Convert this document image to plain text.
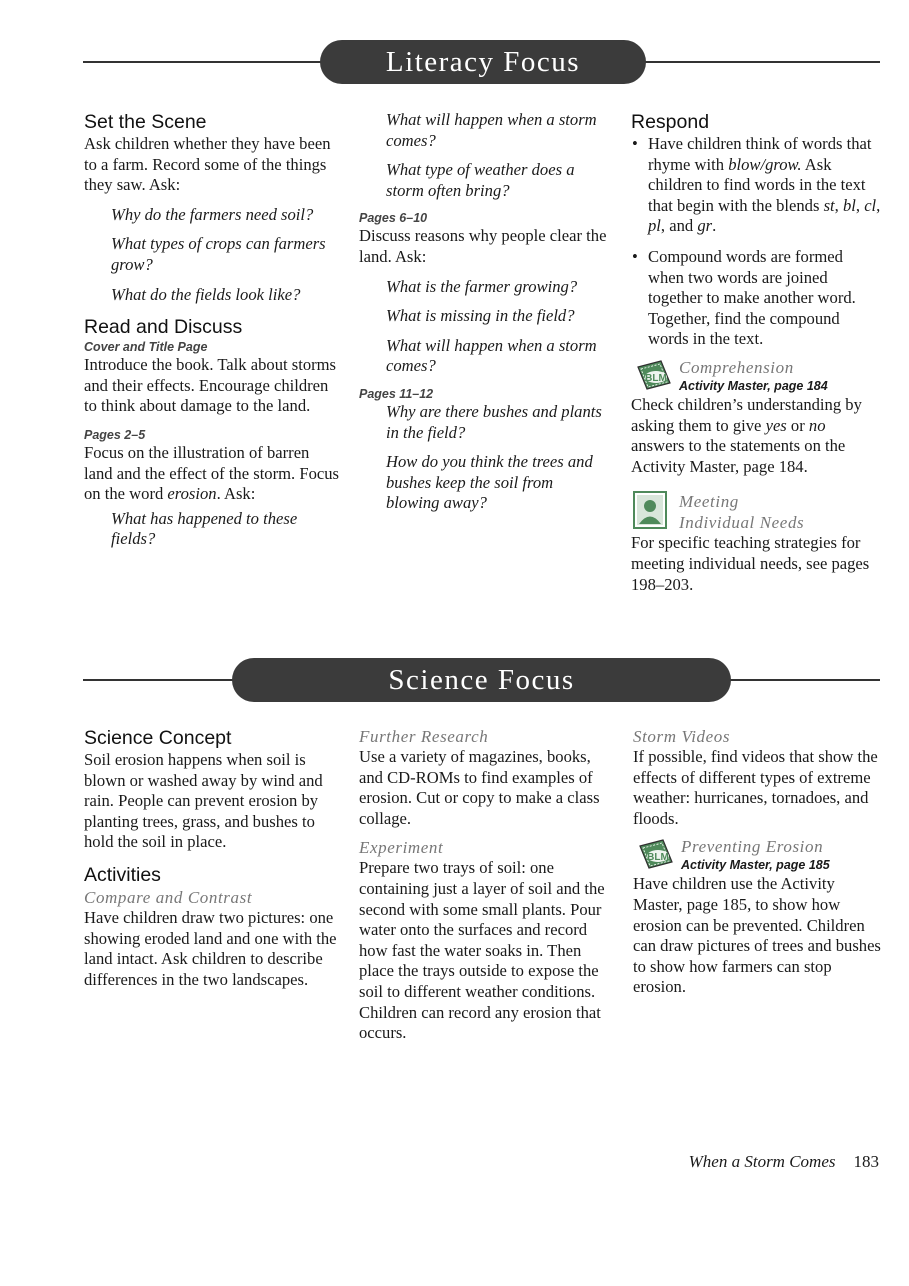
Literacy Focus
Set the Scene

Ask children whether they have been to a farm. Record some of the things they saw. Ask:

Why do the farmers need soil?
What types of crops can farmers grow?
What do the fields look like?
Read and Discuss
Cover and Title Page

Introduce the book. Talk about storms and their effects. Encourage children to think about damage to the land.

Pages 2–5

Focus on the illustration of barren land and the effect of the storm. Focus on the word erosion. Ask:

What has happened to these fields?
What will happen when a storm comes?
What type of weather does a storm often bring?
Pages 6–10

Discuss reasons why people clear the land. Ask:

What is the farmer growing?
What is missing in the field?
What will happen when a storm comes?
Pages 11–12
Why are there bushes and plants in the field?
How do you think the trees and bushes keep the soil from blowing away?
Respond
• Have children think of words that rhyme with blow/grow. Ask children to find words in the text that begin with the blends st, bl, cl, pl, and gr.
• Compound words are formed when two words are joined together to make another word. Together, find the compound words in the text.
BLM
Comprehension
Activity Master, page 184

Check children’s understanding by asking them to give yes or no answers to the statements on the Activity Master, page 184.

Meeting
Individual Needs

For specific teaching strategies for meeting individual needs, see pages 198–203.

Science Focus
Science Concept

Soil erosion happens when soil is blown or washed away by wind and rain. People can prevent erosion by planting trees, grass, and bushes to hold the soil in place.

Activities
Compare and Contrast

Have children draw two pictures: one showing eroded land and one with the land intact. Ask children to describe differences in the two landscapes.

Further Research

Use a variety of magazines, books, and CD-ROMs to find examples of erosion. Cut or copy to make a class collage.

Experiment

Prepare two trays of soil: one containing just a layer of soil and the second with some small plants. Pour water onto the surfaces and record how fast the water soaks in. Then place the trays outside to expose the soil to different weather conditions. Children can record any erosion that occurs.

Storm Videos

If possible, find videos that show the effects of different types of extreme weather: hurricanes, tornadoes, and floods.

BLM
Preventing Erosion
Activity Master, page 185

Have children use the Activity Master, page 185, to show how erosion can be prevented. Children can draw pictures of trees and bushes to show how farmers can stop erosion.

When a Storm Comes 183
